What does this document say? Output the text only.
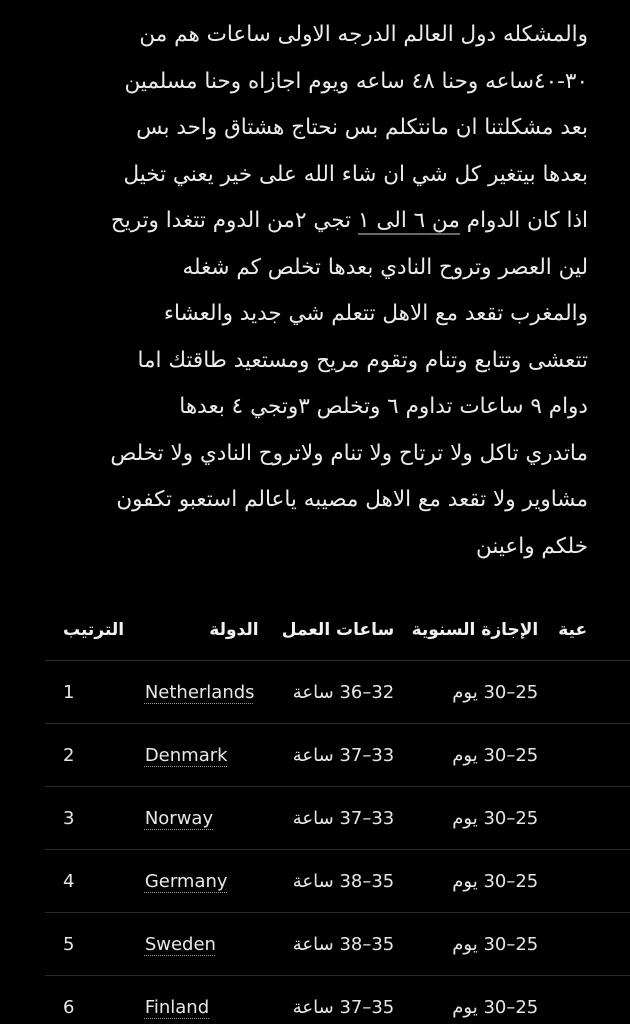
والمشكله دول العالم الدرجه الاولى ساعات هم من
٣٠-٤٠ساعه وحنا ٤٨ ساعه ويوم اجازاه وحنا مسلمين
بعد مشكلتنا ان مانتكلم بس نحتاج هشتاق واحد بس
بعدها بيتغير كل شي ان شاء الله على خير يعني تخيل
اذا كان الدوام من ٦ الى ١ تجي ٢من الدوم تتغدا وتريح
لين العصر وتروح النادي بعدها تخلص كم شغله
والمغرب تقعد مع الاهل تتعلم شي جديد والعشاء
تتعشى وتتابع وتنام وتقوم مريح ومستعيد طاقتك اما
دوام ٩ ساعات تداوم ٦ وتخلص ٣وتجي ٤ بعدها
ماتدري تاكل ولا ترتاح ولا تنام ولاتروح النادي ولا تخلص
مشاوير ولا تقعد مع الاهل مصيبه ياعالم استعبو تكفون
خلكم واعينن
الترتيب	الدولة	ساعات العمل	الإجازة السنوية	عية
1	Netherlands	32–36 ساعة	25–30 يوم	
2	Denmark	33–37 ساعة	25–30 يوم	
3	Norway	33–37 ساعة	25–30 يوم	
4	Germany	35–38 ساعة	25–30 يوم	
5	Sweden	35–38 ساعة	25–30 يوم	
6	Finland	35–37 ساعة	25–30 يوم	
